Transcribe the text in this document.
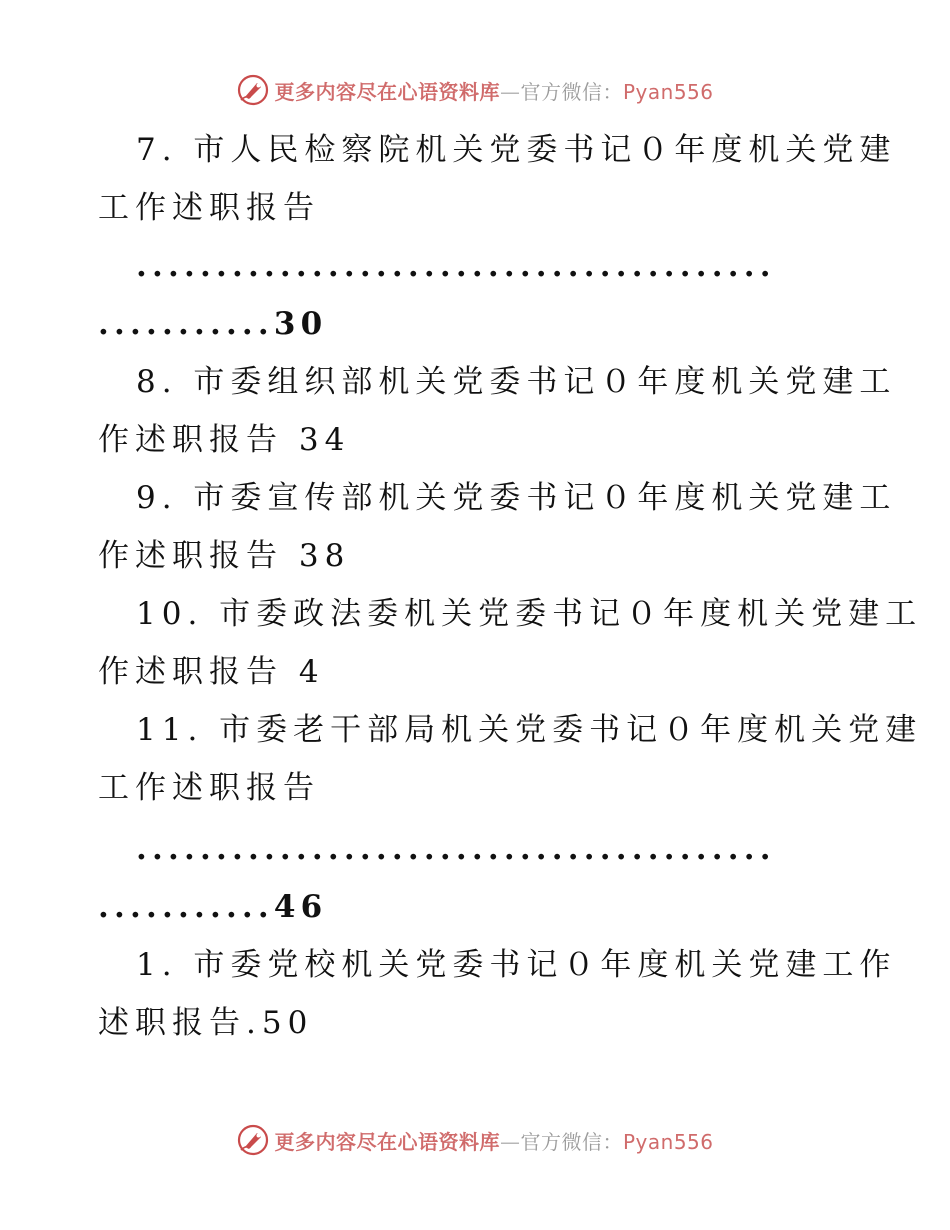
更多内容尽在心语资料库—官方微信：Pyan556
7. 市人民检察院机关党委书记０年度机关党建
工作述职报告
........................................
...........30
8. 市委组织部机关党委书记０年度机关党建工
作述职报告 34
9. 市委宣传部机关党委书记０年度机关党建工
作述职报告 38
10. 市委政法委机关党委书记０年度机关党建工
作述职报告 4
11. 市委老干部局机关党委书记０年度机关党建
工作述职报告
........................................
...........46
1. 市委党校机关党委书记０年度机关党建工作
述职报告.50
更多内容尽在心语资料库—官方微信：Pyan556
